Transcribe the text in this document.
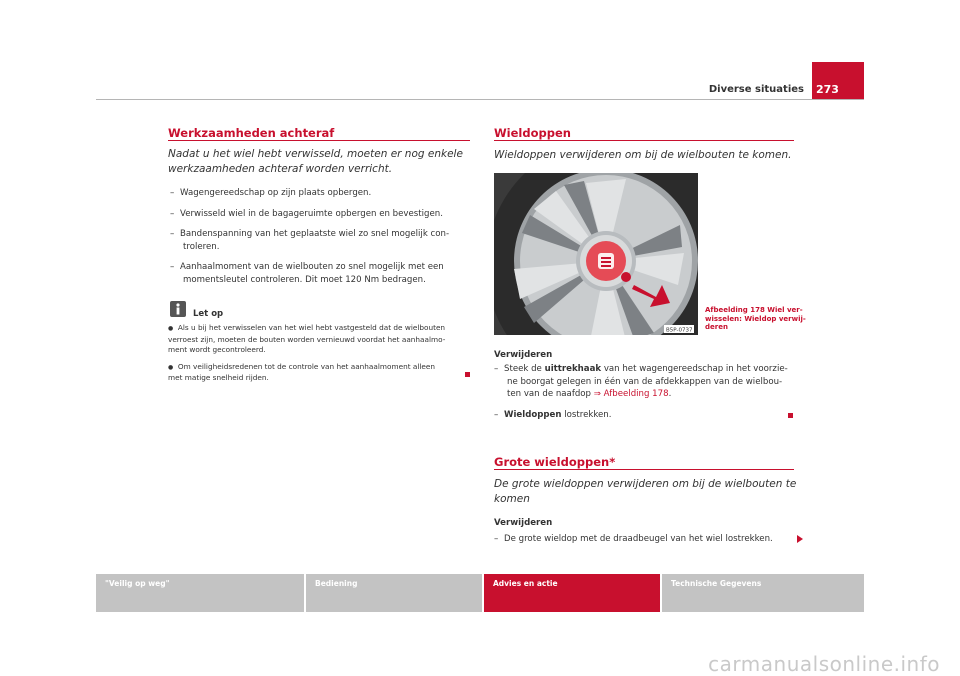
Diverse situaties 273
Werkzaamheden achteraf
Nadat u het wiel hebt verwisseld, moeten er nog enkele
werkzaamheden achteraf worden verricht.
– Wagengereedschap op zijn plaats opbergen.
– Verwisseld wiel in de bagageruimte opbergen en bevestigen.
– Bandenspanning van het geplaatste wiel zo snel mogelijk con-
troleren.
– Aanhaalmoment van de wielbouten zo snel mogelijk met een
momentsleutel controleren. Dit moet 120 Nm bedragen.
Let op
● Als u bij het verwisselen van het wiel hebt vastgesteld dat de wielbouten
verroest zijn, moeten de bouten worden vernieuwd voordat het aanhaalmo-
ment wordt gecontroleerd.
● Om veiligheidsredenen tot de controle van het aanhaalmoment alleen
met matige snelheid rijden.
Wieldoppen
Wieldoppen verwijderen om bij de wielbouten te komen.
B5P-0737
Afbeelding 178 Wiel ver-
wisselen: Wieldop verwij-
deren
Verwijderen
– Steek de uittrekhaak van het wagengereedschap in het voorzie-
ne boorgat gelegen in één van de afdekkappen van de wielbou-
ten van de naafdop ⇒ Afbeelding 178.
– Wieldoppen lostrekken.
Grote wieldoppen*
De grote wieldoppen verwijderen om bij de wielbouten te
komen
Verwijderen
– De grote wieldop met de draadbeugel van het wiel lostrekken.
"Veilig op weg"	Bediening	Advies en actie	Technische Gegevens
carmanualsonline.info
